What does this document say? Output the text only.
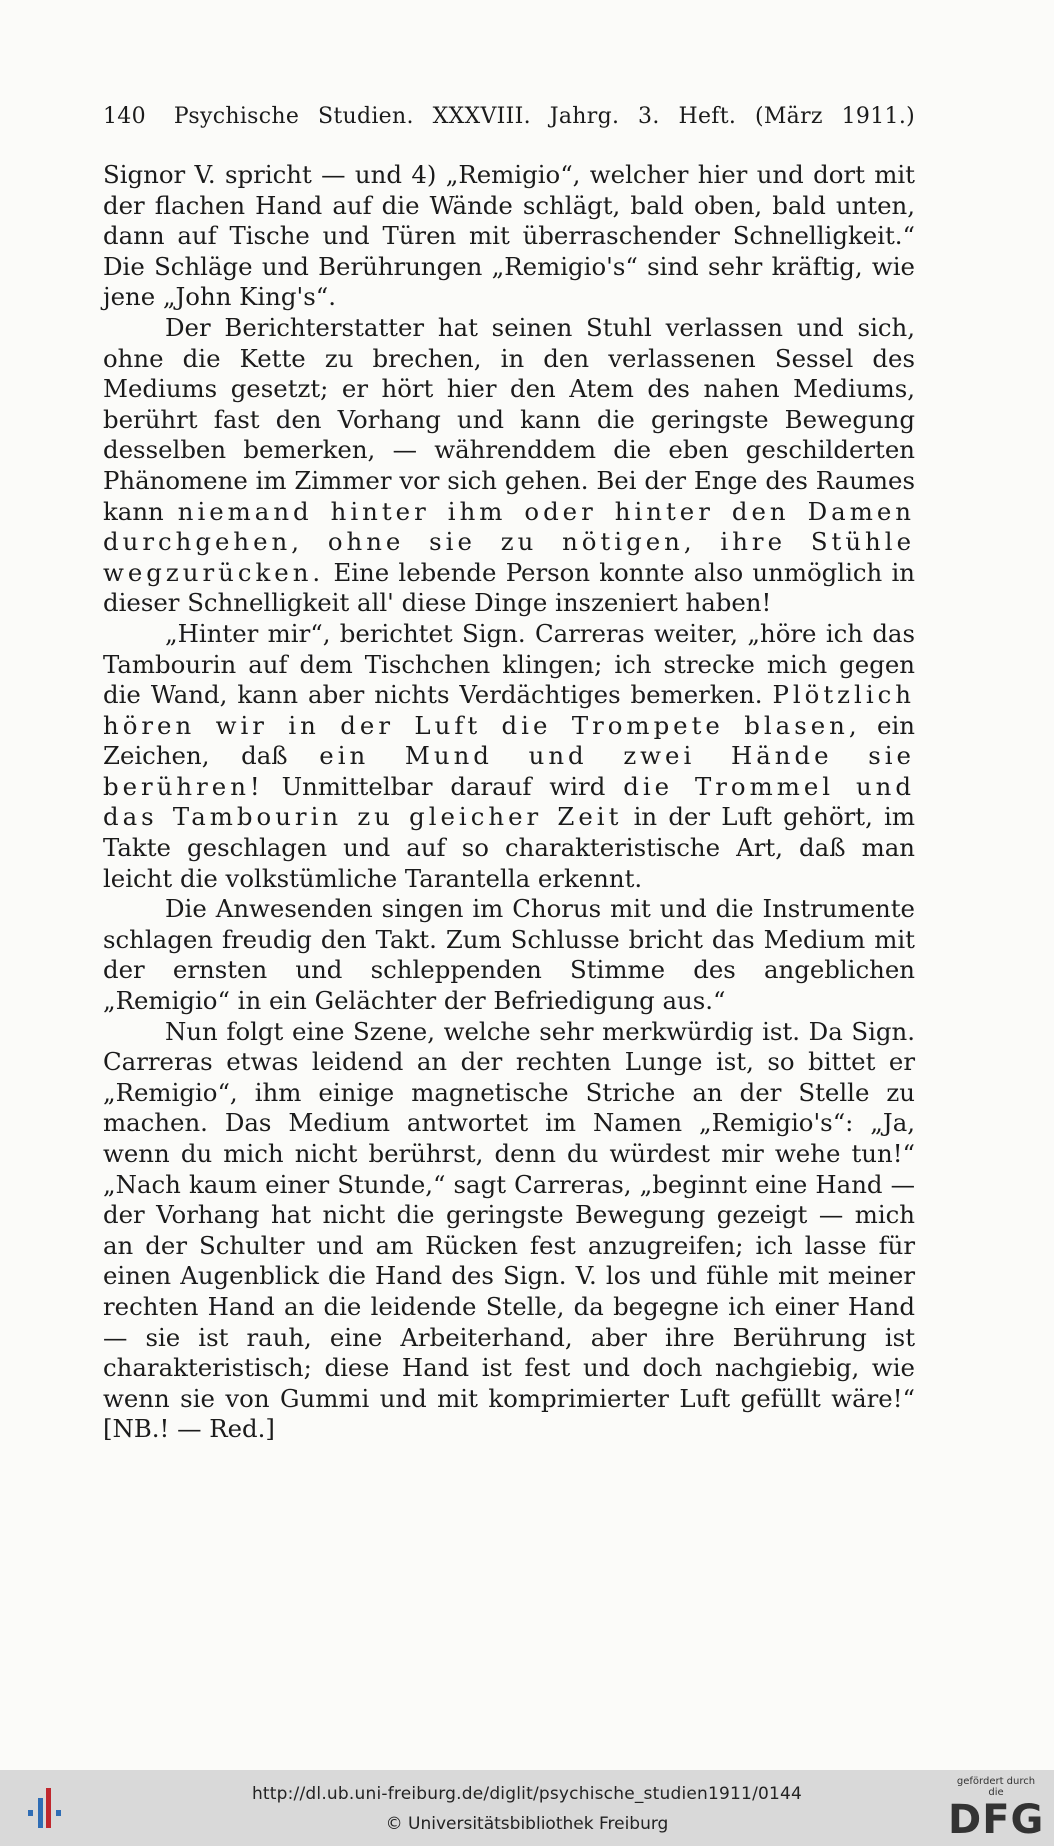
140 Psychische Studien. XXXVIII. Jahrg. 3. Heft. (März 1911.)

Signor V. spricht — und 4) „Remigio“, welcher hier und dort mit der flachen Hand auf die Wände schlägt, bald oben, bald unten, dann auf Tische und Türen mit überraschender Schnelligkeit.“ Die Schläge und Berührungen „Remigio's“ sind sehr kräftig, wie jene „John King's“.

Der Berichterstatter hat seinen Stuhl verlassen und sich, ohne die Kette zu brechen, in den verlassenen Sessel des Mediums gesetzt; er hört hier den Atem des nahen Mediums, berührt fast den Vorhang und kann die geringste Bewegung desselben bemerken, — währenddem die eben geschilderten Phänomene im Zimmer vor sich gehen. Bei der Enge des Raumes kann niemand hinter ihm oder hinter den Damen durchgehen, ohne sie zu nötigen, ihre Stühle wegzurücken. Eine lebende Person konnte also unmöglich in dieser Schnelligkeit all' diese Dinge inszeniert haben!

„Hinter mir“, berichtet Sign. Carreras weiter, „höre ich das Tambourin auf dem Tischchen klingen; ich strecke mich gegen die Wand, kann aber nichts Verdächtiges bemerken. Plötzlich hören wir in der Luft die Trompete blasen, ein Zeichen, daß ein Mund und zwei Hände sie berühren! Unmittelbar darauf wird die Trommel und das Tambourin zu gleicher Zeit in der Luft gehört, im Takte geschlagen und auf so charakteristische Art, daß man leicht die volkstümliche Tarantella erkennt.

Die Anwesenden singen im Chorus mit und die Instrumente schlagen freudig den Takt. Zum Schlusse bricht das Medium mit der ernsten und schleppenden Stimme des angeblichen „Remigio“ in ein Gelächter der Befriedigung aus.“

Nun folgt eine Szene, welche sehr merkwürdig ist. Da Sign. Carreras etwas leidend an der rechten Lunge ist, so bittet er „Remigio“, ihm einige magnetische Striche an der Stelle zu machen. Das Medium antwortet im Namen „Remigio's“: „Ja, wenn du mich nicht berührst, denn du würdest mir wehe tun!“ „Nach kaum einer Stunde,“ sagt Carreras, „beginnt eine Hand — der Vorhang hat nicht die geringste Bewegung gezeigt — mich an der Schulter und am Rücken fest anzugreifen; ich lasse für einen Augenblick die Hand des Sign. V. los und fühle mit meiner rechten Hand an die leidende Stelle, da begegne ich einer Hand — sie ist rauh, eine Arbeiterhand, aber ihre Berührung ist charakteristisch; diese Hand ist fest und doch nachgiebig, wie wenn sie von Gummi und mit komprimierter Luft gefüllt wäre!“ [NB.! — Red.]

http://dl.ub.uni-freiburg.de/diglit/psychische_studien1911/0144
© Universitätsbibliothek Freiburg
gefördert durch die
DFG
